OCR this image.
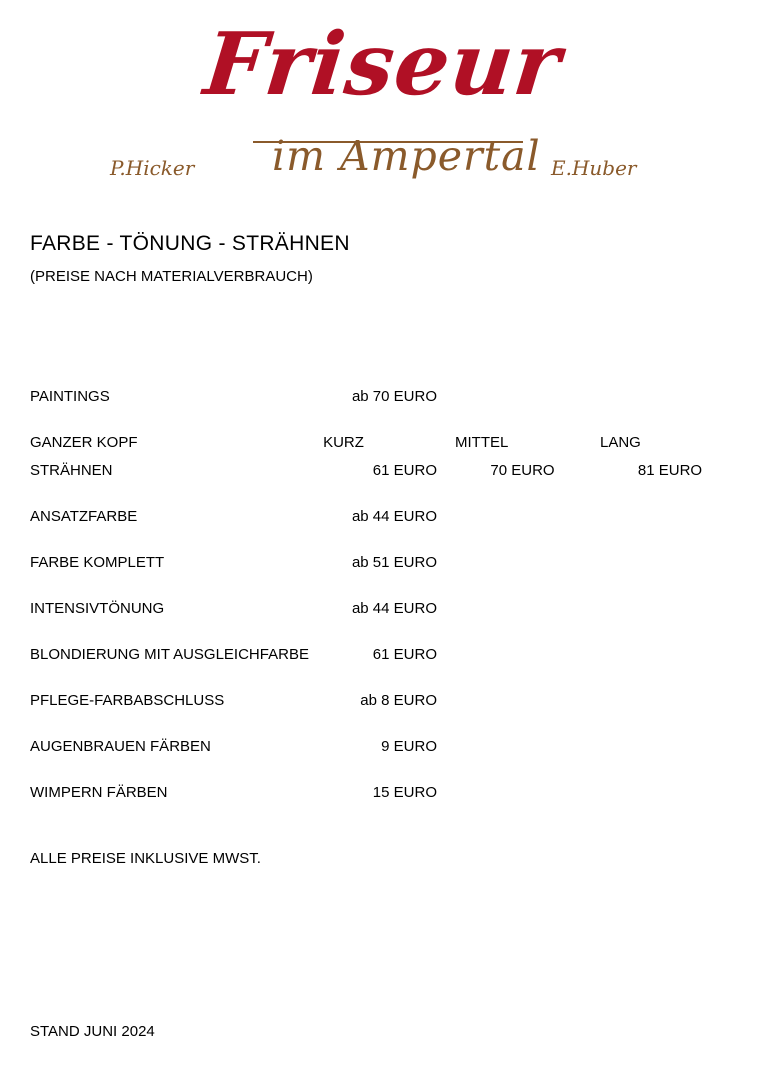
Friseur
im Ampertal
P.Hicker	E.Huber
FARBE - TÖNUNG - STRÄHNEN
(PREISE NACH MATERIALVERBRAUCH)
PAINTINGS	ab 70 EURO
GANZER KOPF	KURZ	MITTEL	LANG
STRÄHNEN	61 EURO	70 EURO	81 EURO
ANSATZFARBE	ab 44 EURO
FARBE KOMPLETT	ab 51 EURO
INTENSIVTÖNUNG	ab 44 EURO
BLONDIERUNG MIT AUSGLEICHFARBE	61 EURO
PFLEGE-FARBABSCHLUSS	ab 8 EURO
AUGENBRAUEN FÄRBEN	9 EURO
WIMPERN FÄRBEN	15 EURO
ALLE PREISE INKLUSIVE MWST.
STAND JUNI 2024
